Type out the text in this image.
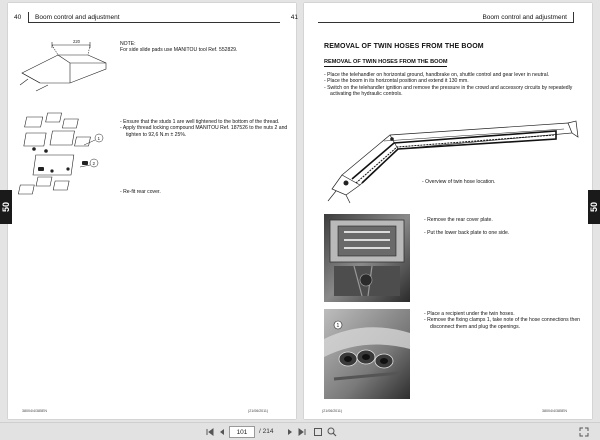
40	Boom control and adjustment
220	NOTE:

For side slide pads use MANITOU tool Ref. 552829.

1
2

- Ensure that the studs 1 are well tightened to the bottom of the thread.

- Apply thread locking compound MANITOU Ref. 187526 to the nuts 2 and tighten to 92,6 N.m ± 25%.

- Re-fit rear cover.

38004/4/385EN	(21/06/2011)
Boom control and adjustment
41
REMOVAL OF TWIN HOSES FROM THE BOOM
REMOVAL OF TWIN HOSES FROM THE BOOM

- Place the telehandler on horizontal ground, handbrake on, shuttle control and gear lever in neutral.

- Place the boom in its horizontal position and extend it 130 mm.

- Switch on the telehandler ignition and remove the pressure in the crowd and accessory circuits by repeatedly activating the hydraulic controls.

- Overview of twin hose location.

- Remove the rear cover plate.

- Put the lower back plate to one side.

1

- Place a recipient under the twin hoses.

- Remove the fixing clamps 1, take note of the hose connections then disconnect them and plug the openings.

(21/06/2011)	38004/4/385EN
50	50
101
/ 214
